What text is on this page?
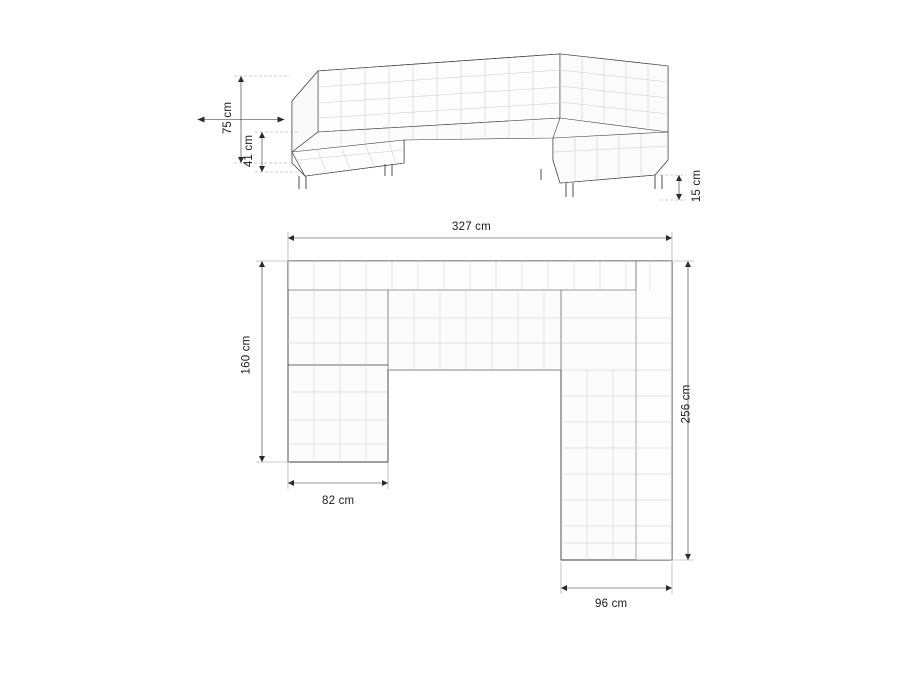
75 cm
41 cm
15 cm
327 cm
160 cm
256 cm
82 cm
96 cm
